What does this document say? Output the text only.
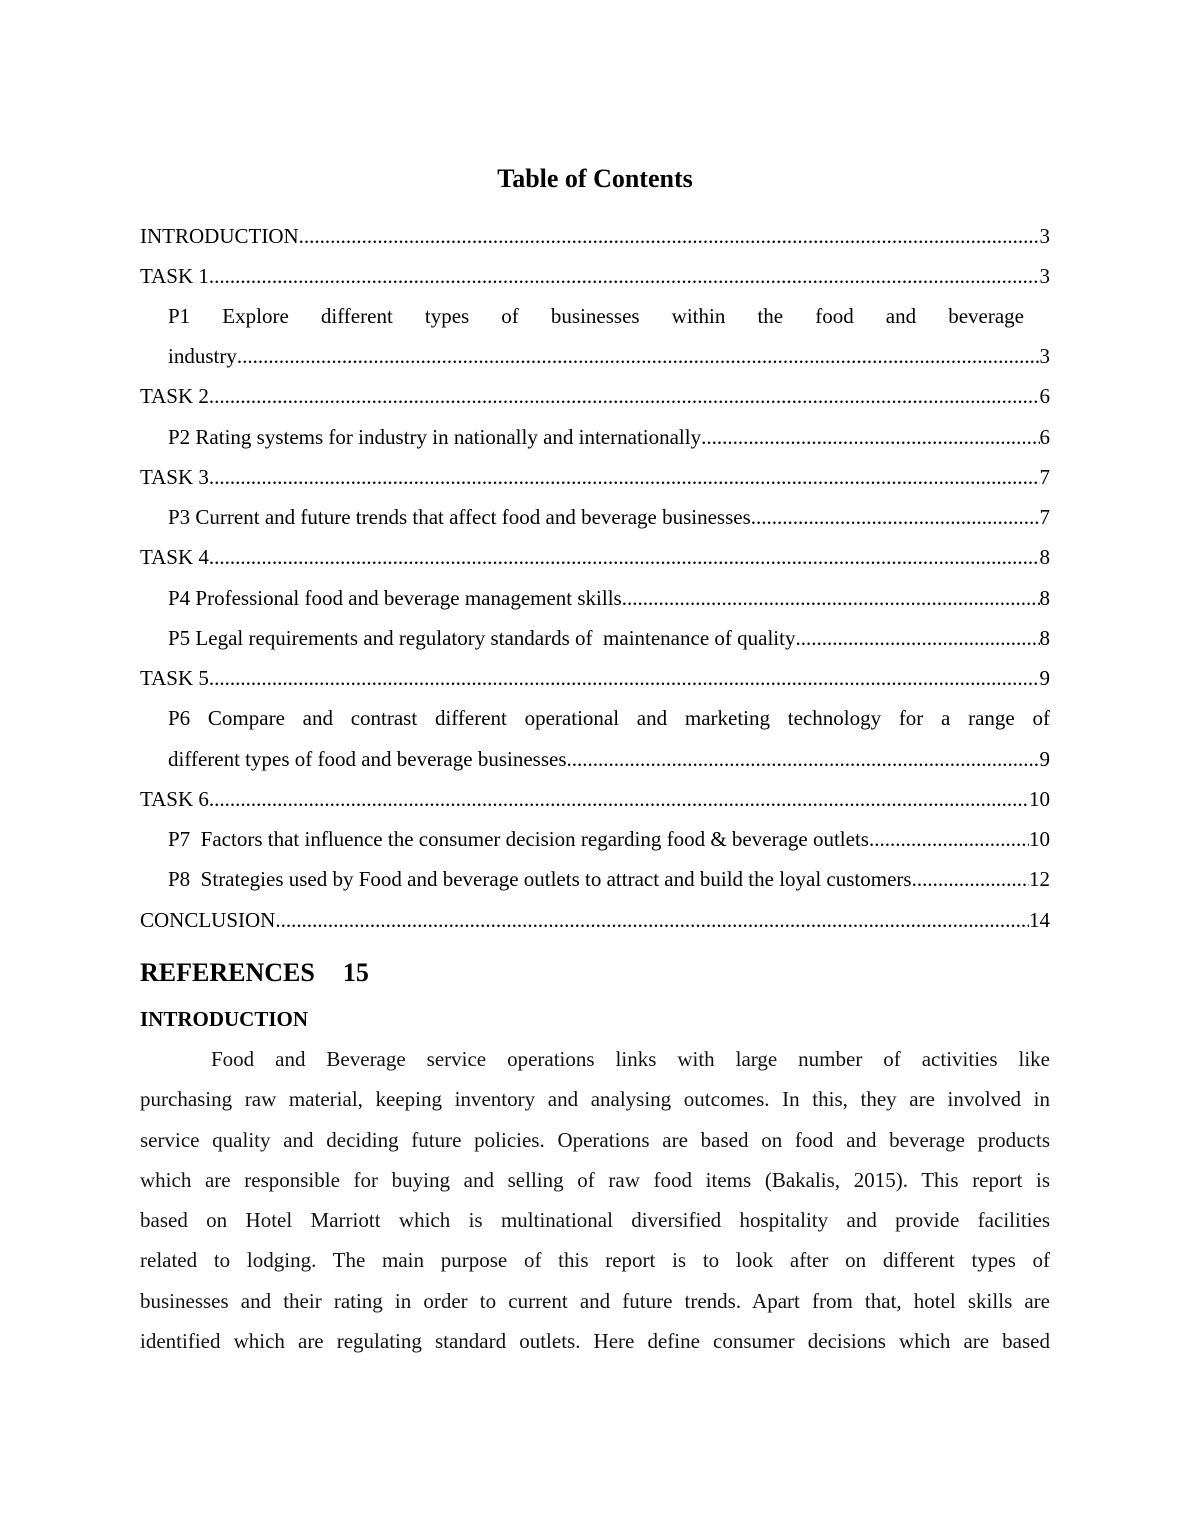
Table of Contents
INTRODUCTION .....	3
TASK 1 .....	3
P1 Explore different types of businesses within the food and beverage
industry .....	3
TASK 2 .....	6
P2 Rating systems for industry in nationally and internationally .....	6
TASK 3 .....	7
P3 Current and future trends that affect food and beverage businesses .....	7
TASK 4 .....	8
P4 Professional food and beverage management skills .....	8
P5 Legal requirements and regulatory standards of  maintenance of quality .....	8
TASK 5 .....	9
P6 Compare and contrast different operational and marketing technology for a range of
different types of food and beverage businesses .....	9
TASK 6 .....	10
P7  Factors that influence the consumer decision regarding food & beverage outlets .....	10
P8  Strategies used by Food and beverage outlets to attract and build the loyal customers .....	12
CONCLUSION .....	14
REFERENCES 15
INTRODUCTION
Food and Beverage service operations links with large number of activities like
purchasing raw material, keeping inventory and analysing outcomes. In this, they are involved in
service quality and deciding future policies. Operations are based on food and beverage products
which are responsible for buying and selling of raw food items (Bakalis, 2015). This report is
based on Hotel Marriott which is multinational diversified hospitality and provide facilities
related to lodging. The main purpose of this report is to look after on different types of
businesses and their rating in order to current and future trends. Apart from that, hotel skills are
identified which are regulating standard outlets. Here define consumer decisions which are based
